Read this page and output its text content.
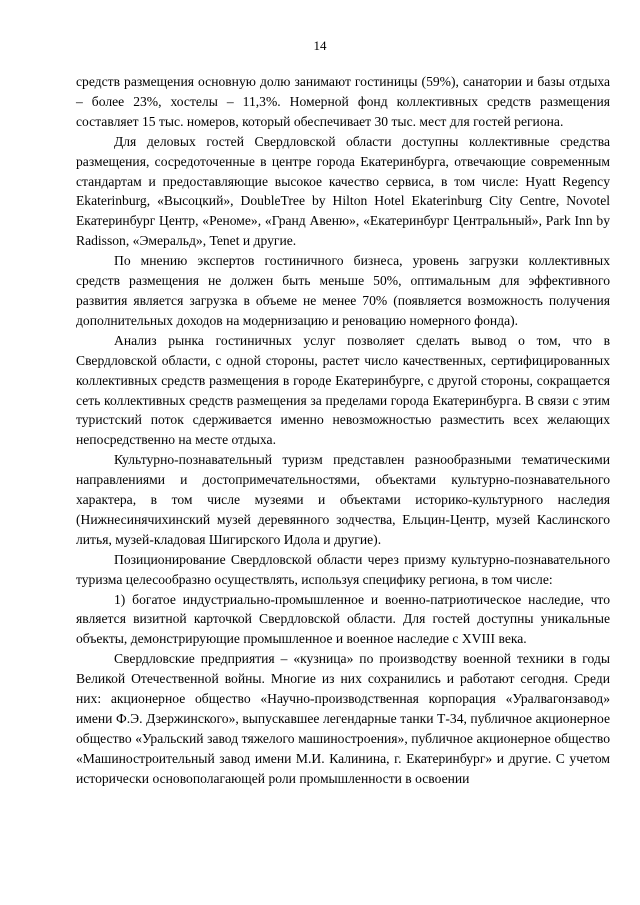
14

средств размещения основную долю занимают гостиницы (59%), санатории и базы отдыха – более 23%, хостелы – 11,3%. Номерной фонд коллективных средств размещения составляет 15 тыс. номеров, который обеспечивает 30 тыс. мест для гостей региона.

Для деловых гостей Свердловской области доступны коллективные средства размещения, сосредоточенные в центре города Екатеринбурга, отвечающие современным стандартам и предоставляющие высокое качество сервиса, в том числе: Hyatt Regency Ekaterinburg, «Высоцкий», DoubleTree by Hilton Hotel Ekaterinburg City Centre, Novotel Екатеринбург Центр, «Реноме», «Гранд Авеню», «Екатеринбург Центральный», Park Inn by Radisson, «Эмеральд», Tenet и другие.

По мнению экспертов гостиничного бизнеса, уровень загрузки коллективных средств размещения не должен быть меньше 50%, оптимальным для эффективного развития является загрузка в объеме не менее 70% (появляется возможность получения дополнительных доходов на модернизацию и реновацию номерного фонда).

Анализ рынка гостиничных услуг позволяет сделать вывод о том, что в Свердловской области, с одной стороны, растет число качественных, сертифицированных коллективных средств размещения в городе Екатеринбурге, с другой стороны, сокращается сеть коллективных средств размещения за пределами города Екатеринбурга. В связи с этим туристский поток сдерживается именно невозможностью разместить всех желающих непосредственно на месте отдыха.

Культурно-познавательный туризм представлен разнообразными тематическими направлениями и достопримечательностями, объектами культурно-познавательного характера, в том числе музеями и объектами историко-культурного наследия (Нижнесинячихинский музей деревянного зодчества, Ельцин-Центр, музей Каслинского литья, музей-кладовая Шигирского Идола и другие).

Позиционирование Свердловской области через призму культурно-познавательного туризма целесообразно осуществлять, используя специфику региона, в том числе:

1) богатое индустриально-промышленное и военно-патриотическое наследие, что является визитной карточкой Свердловской области. Для гостей доступны уникальные объекты, демонстрирующие промышленное и военное наследие с XVIII века.

Свердловские предприятия – «кузница» по производству военной техники в годы Великой Отечественной войны. Многие из них сохранились и работают сегодня. Среди них: акционерное общество «Научно-производственная корпорация «Уралвагонзавод» имени Ф.Э. Дзержинского», выпускавшее легендарные танки Т-34, публичное акционерное общество «Уральский завод тяжелого машиностроения», публичное акционерное общество «Машиностроительный завод имени М.И. Калинина, г. Екатеринбург» и другие. С учетом исторически основополагающей роли промышленности в освоении
